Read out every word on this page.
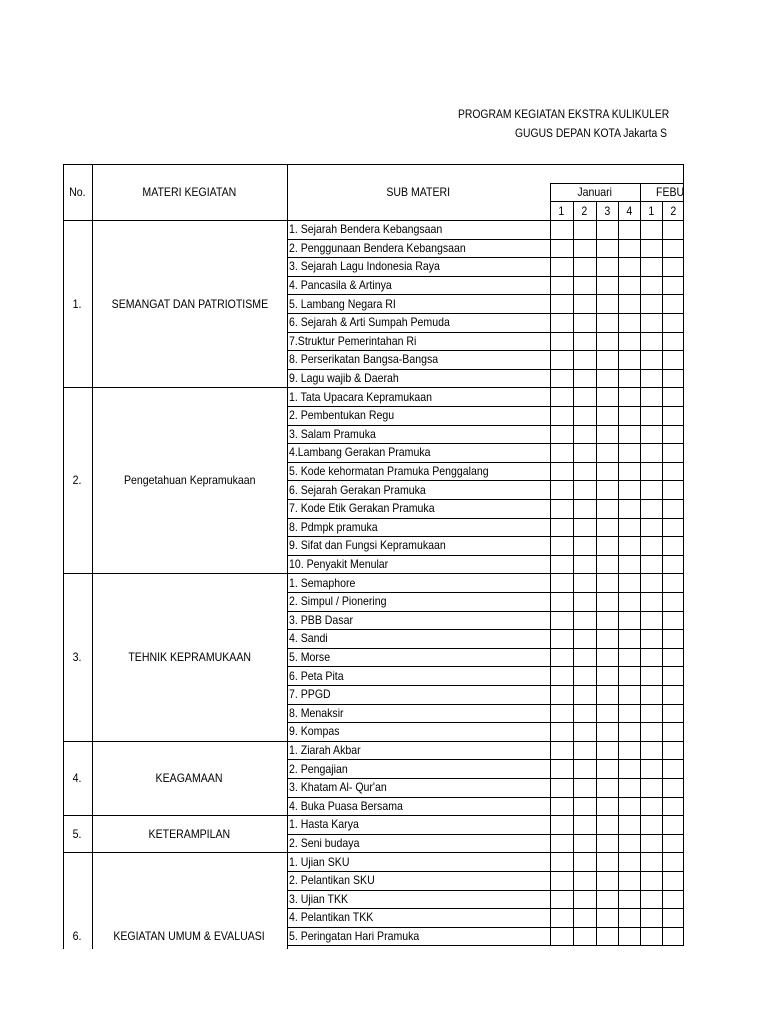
PROGRAM KEGIATAN EKSTRA KULIKULER
GUGUS DEPAN KOTA Jakarta S
No.	MATERI KEGIATAN	SUB MATERI	Januari	FEBU
1 2 3 4 1 2
1. SEMANGAT DAN PATRIOTISME
1. Sejarah Bendera Kebangsaan
2. Penggunaan Bendera Kebangsaan
3. Sejarah Lagu Indonesia Raya
4. Pancasila & Artinya
5. Lambang Negara RI
6. Sejarah & Arti Sumpah Pemuda
7.Struktur Pemerintahan Ri
8. Perserikatan Bangsa-Bangsa
9. Lagu wajib & Daerah
2.	Pengetahuan Kepramukaan
1. Tata Upacara Kepramukaan
2. Pembentukan Regu
3. Salam Pramuka
4.Lambang Gerakan Pramuka
5. Kode kehormatan Pramuka Penggalang
6. Sejarah Gerakan Pramuka
7. Kode Etik Gerakan Pramuka
8. Pdmpk pramuka
9. Sifat dan Fungsi Kepramukaan
10. Penyakit Menular
3.	TEHNIK KEPRAMUKAAN
1. Semaphore
2. Simpul / Pionering
3. PBB Dasar
4. Sandi
5. Morse
6. Peta Pita
7. PPGD
8. Menaksir
9. Kompas
4.	KEAGAMAAN
1. Ziarah Akbar
2. Pengajian
3. Khatam Al- Qur'an
4. Buka Puasa Bersama
5.	KETERAMPILAN
1. Hasta Karya
2. Seni budaya
6.	KEGIATAN UMUM & EVALUASI
1. Ujian SKU
2. Pelantikan SKU
3. Ujian TKK
4. Pelantikan TKK
5. Peringatan Hari Pramuka
